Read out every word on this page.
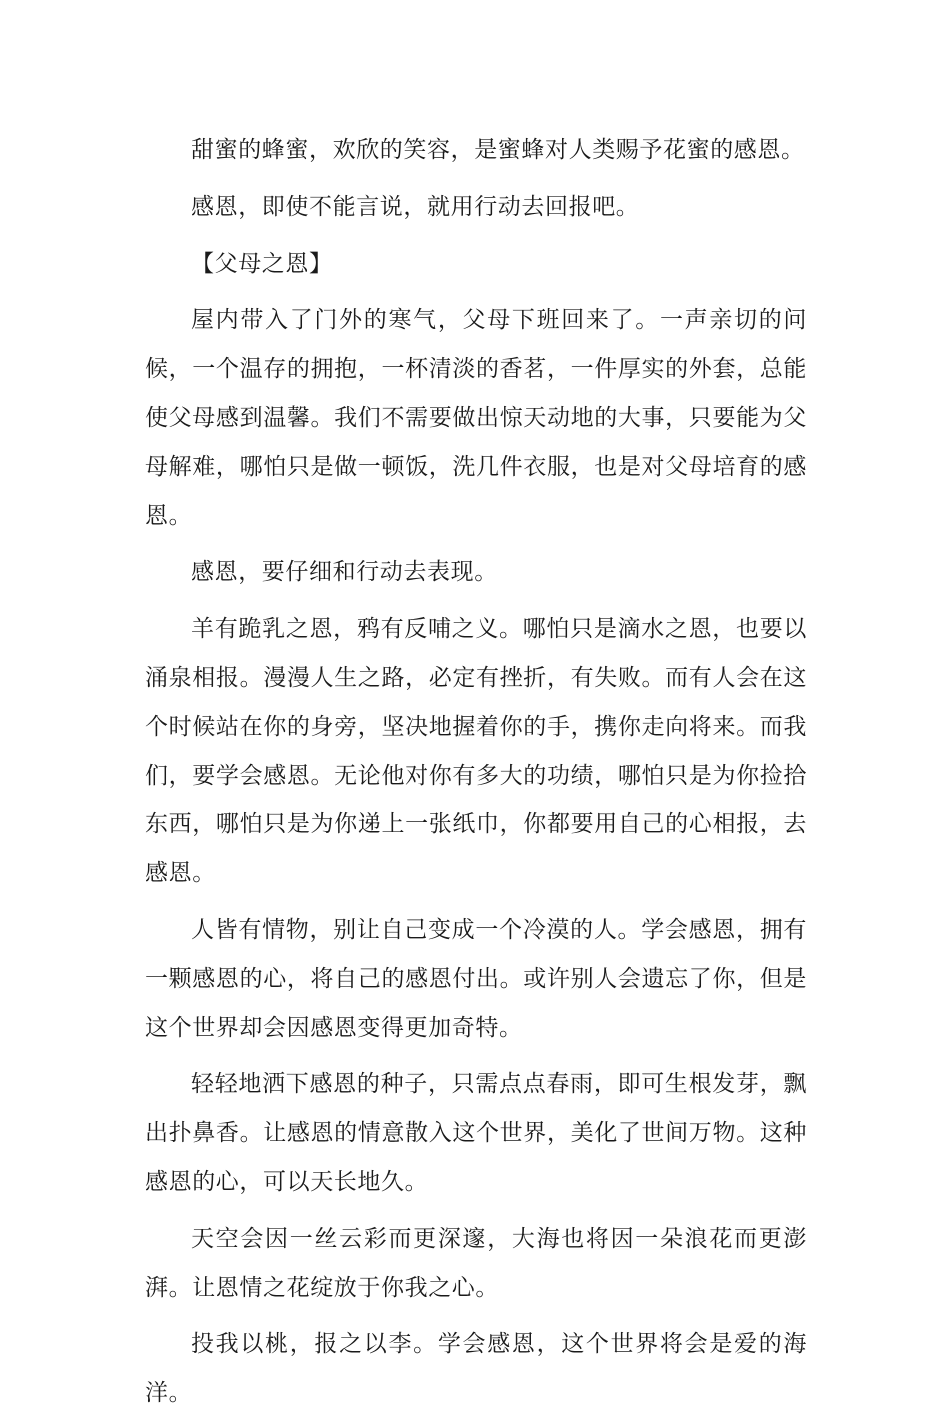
甜蜜的蜂蜜，欢欣的笑容，是蜜蜂对人类赐予花蜜的感恩。

感恩，即使不能言说，就用行动去回报吧。

【父母之恩】

屋内带入了门外的寒气，父母下班回来了。一声亲切的问候，一个温存的拥抱，一杯清淡的香茗，一件厚实的外套，总能使父母感到温馨。我们不需要做出惊天动地的大事，只要能为父母解难，哪怕只是做一顿饭，洗几件衣服，也是对父母培育的感恩。

感恩，要仔细和行动去表现。

羊有跪乳之恩，鸦有反哺之义。哪怕只是滴水之恩，也要以涌泉相报。漫漫人生之路，必定有挫折，有失败。而有人会在这个时候站在你的身旁，坚决地握着你的手，携你走向将来。而我们，要学会感恩。无论他对你有多大的功绩，哪怕只是为你捡拾东西，哪怕只是为你递上一张纸巾，你都要用自己的心相报，去感恩。

人皆有情物，别让自己变成一个冷漠的人。学会感恩，拥有一颗感恩的心，将自己的感恩付出。或许别人会遗忘了你，但是这个世界却会因感恩变得更加奇特。

轻轻地洒下感恩的种子，只需点点春雨，即可生根发芽，飘出扑鼻香。让感恩的情意散入这个世界，美化了世间万物。这种感恩的心，可以天长地久。

天空会因一丝云彩而更深邃，大海也将因一朵浪花而更澎湃。让恩情之花绽放于你我之心。

投我以桃，报之以李。学会感恩，这个世界将会是爱的海洋。
